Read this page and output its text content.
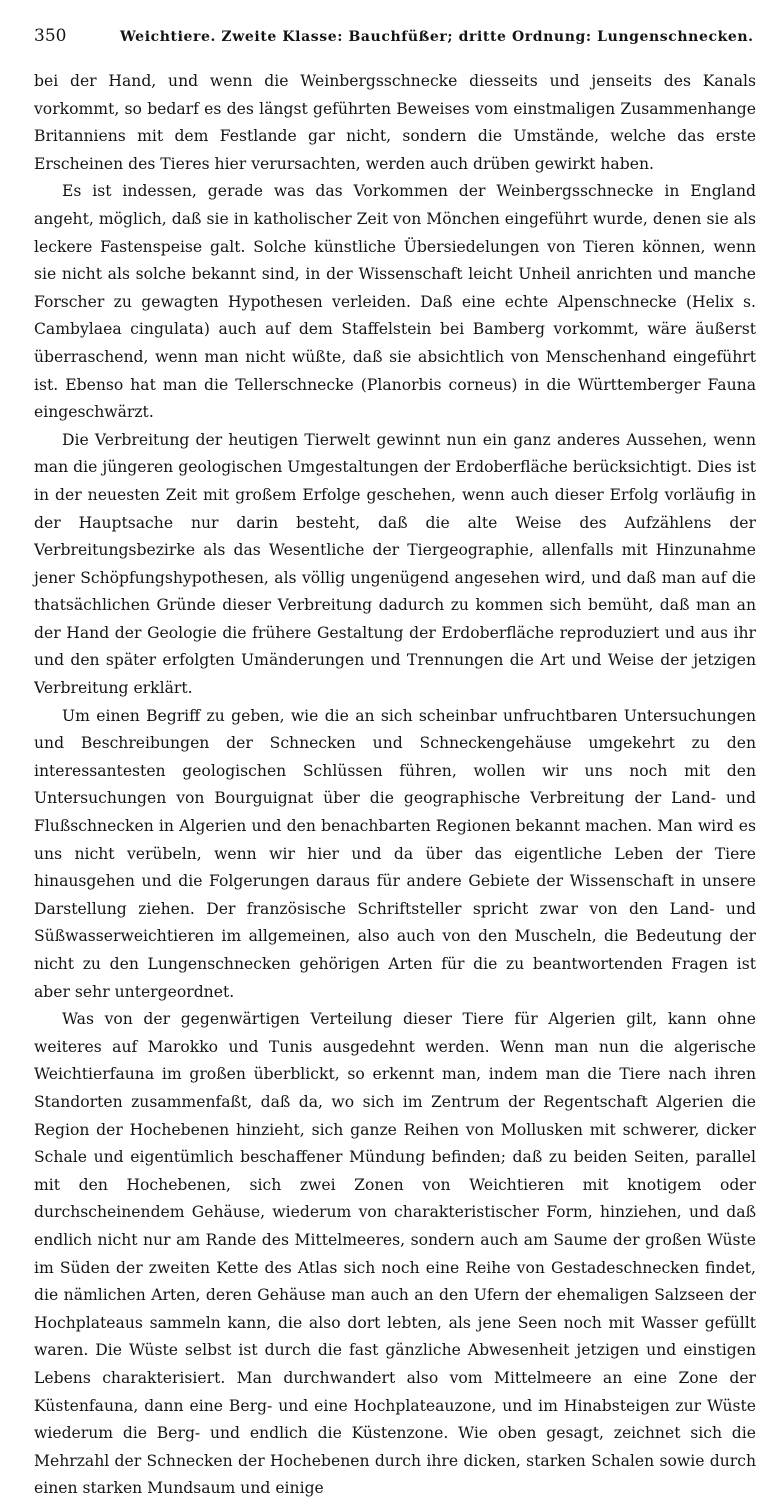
350	Weichtiere. Zweite Klasse: Bauchfüßer; dritte Ordnung: Lungenschnecken.

bei der Hand, und wenn die Weinbergsschnecke diesseits und jenseits des Kanals vorkommt, so bedarf es des längst geführten Beweises vom einstmaligen Zusammenhange Britanniens mit dem Festlande gar nicht, sondern die Umstände, welche das erste Erscheinen des Tieres hier verursachten, werden auch drüben gewirkt haben.

Es ist indessen, gerade was das Vorkommen der Weinbergsschnecke in England angeht, möglich, daß sie in katholischer Zeit von Mönchen eingeführt wurde, denen sie als leckere Fastenspeise galt. Solche künstliche Übersiedelungen von Tieren können, wenn sie nicht als solche bekannt sind, in der Wissenschaft leicht Unheil anrichten und manche Forscher zu gewagten Hypothesen verleiden. Daß eine echte Alpenschnecke (Helix s. Cambylaea cingulata) auch auf dem Staffelstein bei Bamberg vorkommt, wäre äußerst überraschend, wenn man nicht wüßte, daß sie absichtlich von Menschenhand eingeführt ist. Ebenso hat man die Tellerschnecke (Planorbis corneus) in die Württemberger Fauna eingeschwärzt.

Die Verbreitung der heutigen Tierwelt gewinnt nun ein ganz anderes Aussehen, wenn man die jüngeren geologischen Umgestaltungen der Erdoberfläche berücksichtigt. Dies ist in der neuesten Zeit mit großem Erfolge geschehen, wenn auch dieser Erfolg vorläufig in der Hauptsache nur darin besteht, daß die alte Weise des Aufzählens der Verbreitungsbezirke als das Wesentliche der Tiergeographie, allenfalls mit Hinzunahme jener Schöpfungshypothesen, als völlig ungenügend angesehen wird, und daß man auf die thatsächlichen Gründe dieser Verbreitung dadurch zu kommen sich bemüht, daß man an der Hand der Geologie die frühere Gestaltung der Erdoberfläche reproduziert und aus ihr und den später erfolgten Umänderungen und Trennungen die Art und Weise der jetzigen Verbreitung erklärt.

Um einen Begriff zu geben, wie die an sich scheinbar unfruchtbaren Untersuchungen und Beschreibungen der Schnecken und Schneckengehäuse umgekehrt zu den interessantesten geologischen Schlüssen führen, wollen wir uns noch mit den Untersuchungen von Bourguignat über die geographische Verbreitung der Land- und Flußschnecken in Algerien und den benachbarten Regionen bekannt machen. Man wird es uns nicht verübeln, wenn wir hier und da über das eigentliche Leben der Tiere hinausgehen und die Folgerungen daraus für andere Gebiete der Wissenschaft in unsere Darstellung ziehen. Der französische Schriftsteller spricht zwar von den Land- und Süßwasserweichtieren im allgemeinen, also auch von den Muscheln, die Bedeutung der nicht zu den Lungenschnecken gehörigen Arten für die zu beantwortenden Fragen ist aber sehr untergeordnet.

Was von der gegenwärtigen Verteilung dieser Tiere für Algerien gilt, kann ohne weiteres auf Marokko und Tunis ausgedehnt werden. Wenn man nun die algerische Weichtierfauna im großen überblickt, so erkennt man, indem man die Tiere nach ihren Standorten zusammenfaßt, daß da, wo sich im Zentrum der Regentschaft Algerien die Region der Hochebenen hinzieht, sich ganze Reihen von Mollusken mit schwerer, dicker Schale und eigentümlich beschaffener Mündung befinden; daß zu beiden Seiten, parallel mit den Hochebenen, sich zwei Zonen von Weichtieren mit knotigem oder durchscheinendem Gehäuse, wiederum von charakteristischer Form, hinziehen, und daß endlich nicht nur am Rande des Mittelmeeres, sondern auch am Saume der großen Wüste im Süden der zweiten Kette des Atlas sich noch eine Reihe von Gestadeschnecken findet, die nämlichen Arten, deren Gehäuse man auch an den Ufern der ehemaligen Salzseen der Hochplateaus sammeln kann, die also dort lebten, als jene Seen noch mit Wasser gefüllt waren. Die Wüste selbst ist durch die fast gänzliche Abwesenheit jetzigen und einstigen Lebens charakterisiert. Man durchwandert also vom Mittelmeere an eine Zone der Küstenfauna, dann eine Berg- und eine Hochplateauzone, und im Hinabsteigen zur Wüste wiederum die Berg- und endlich die Küstenzone. Wie oben gesagt, zeichnet sich die Mehrzahl der Schnecken der Hochebenen durch ihre dicken, starken Schalen sowie durch einen starken Mundsaum und einige
